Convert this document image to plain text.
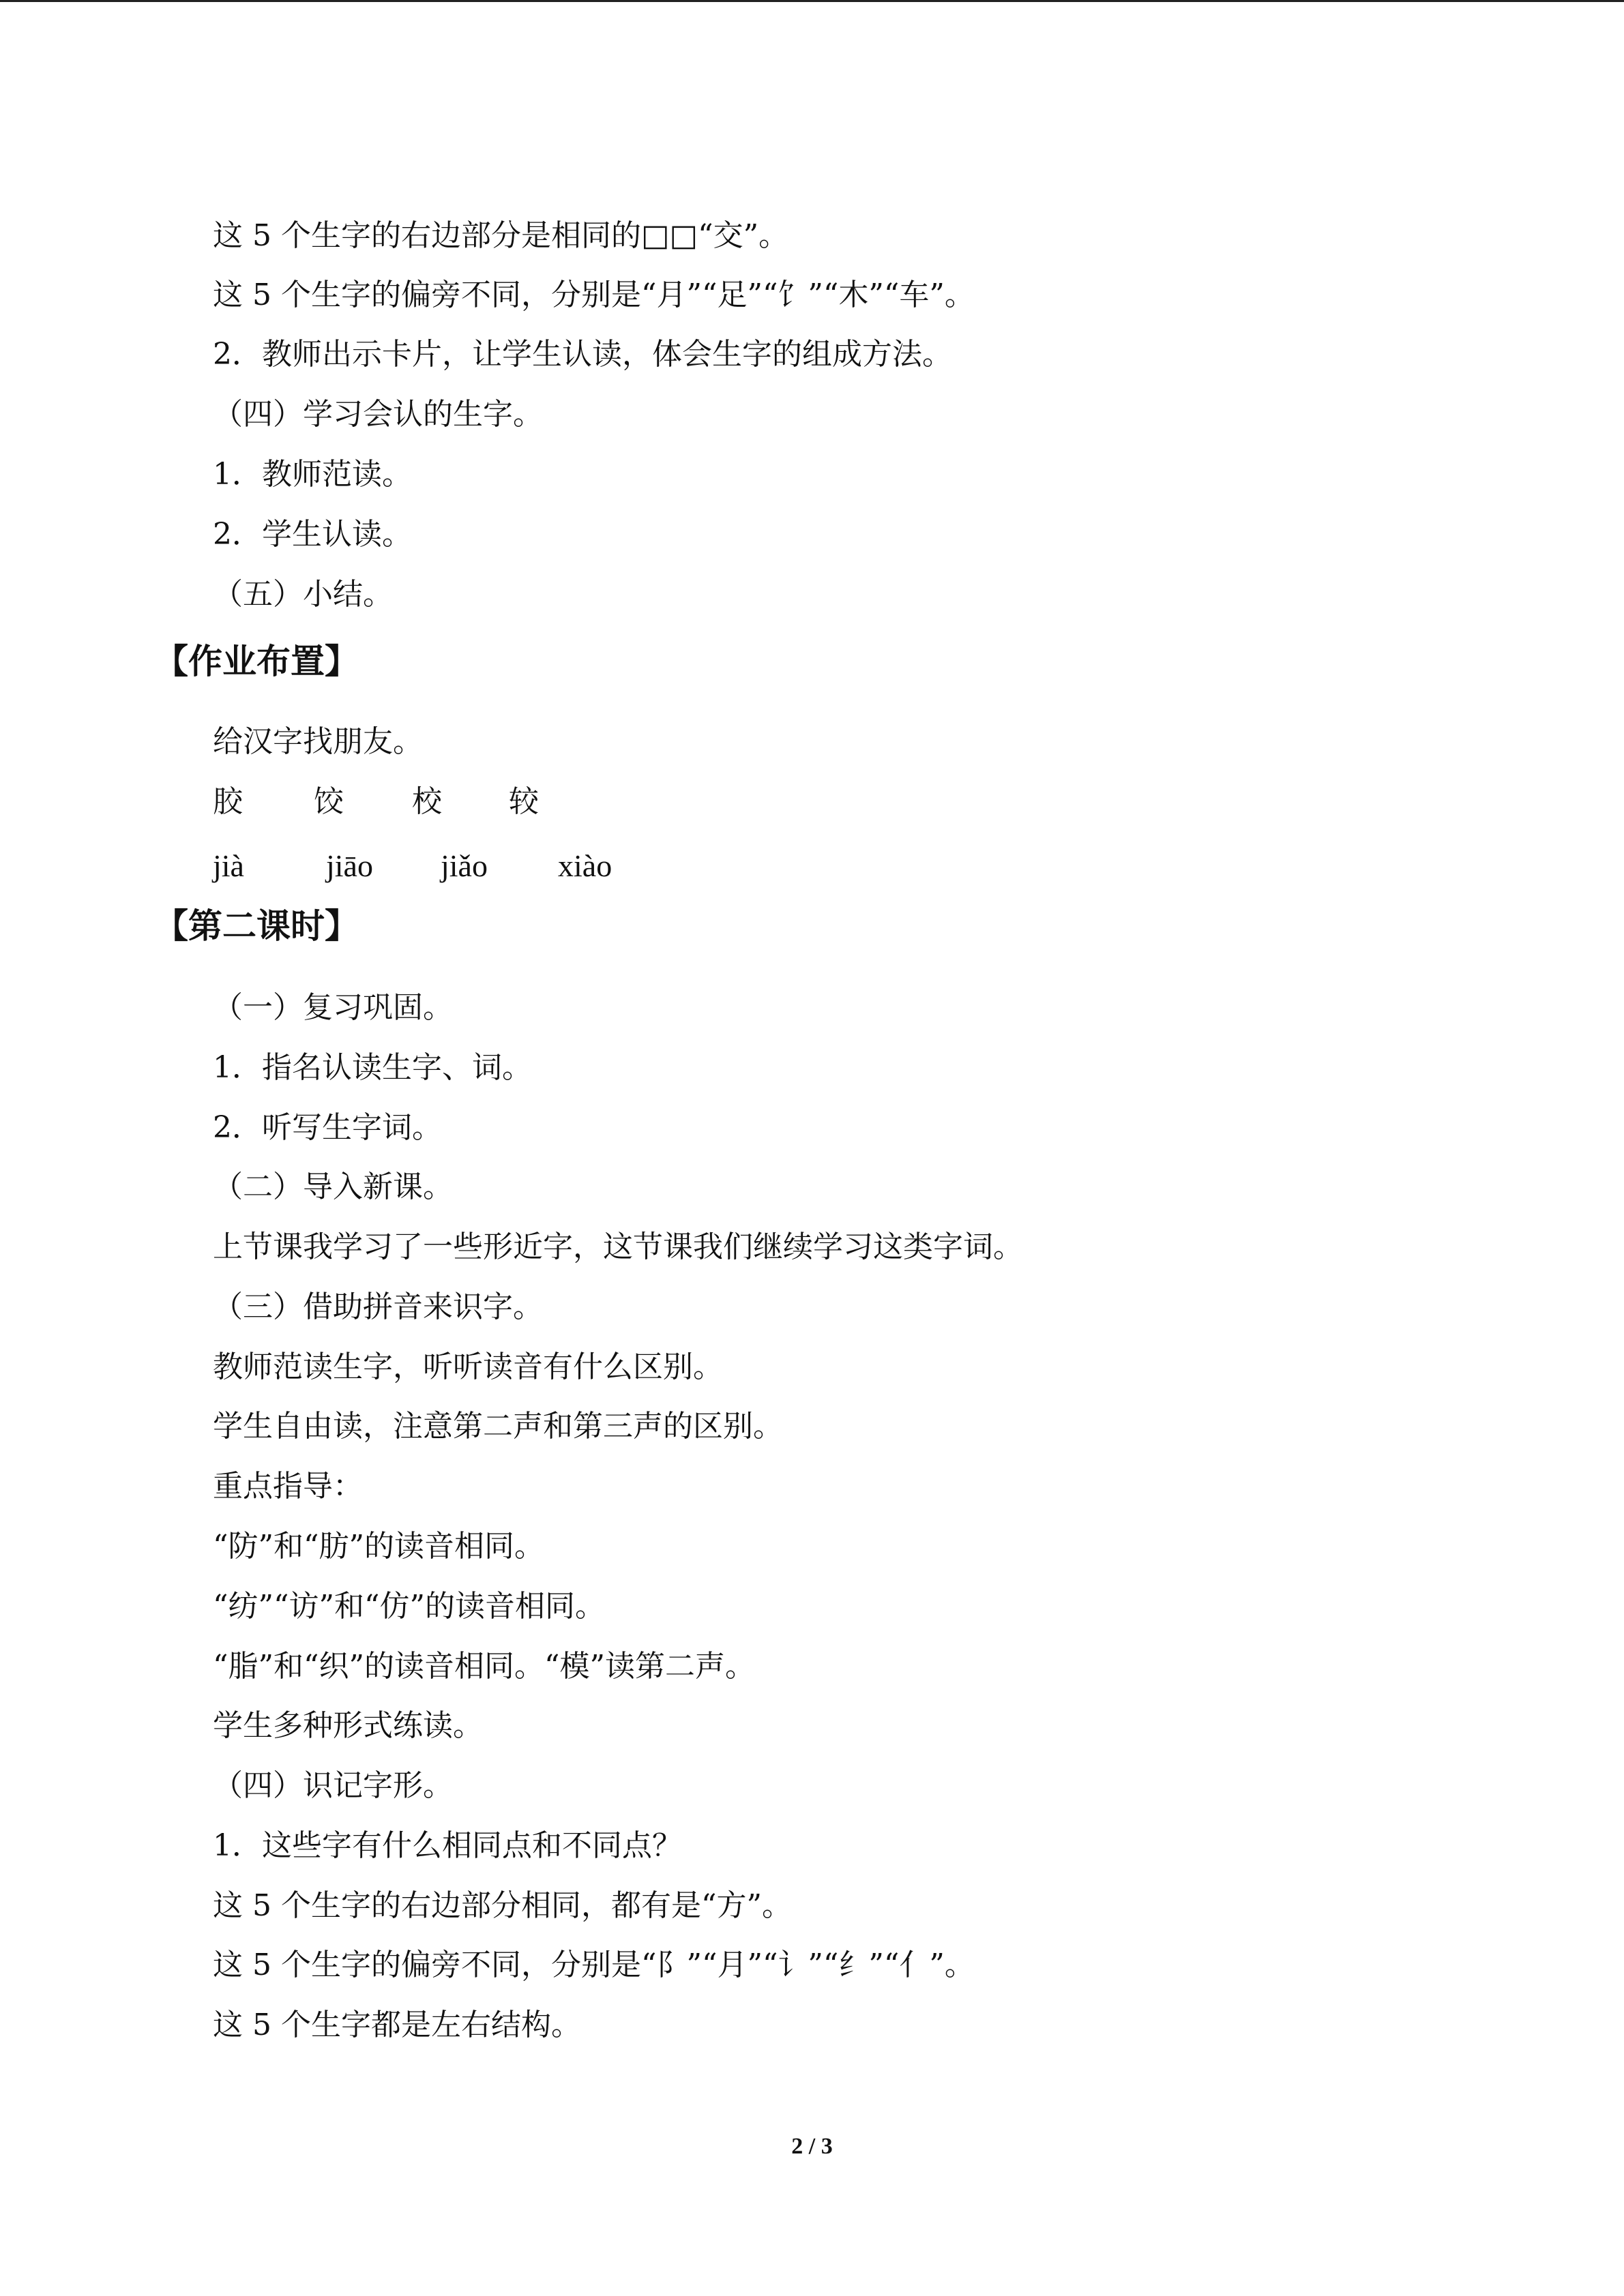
这 5 个生字的右边部分是相同的□□“交”。
这 5 个生字的偏旁不同，分别是“月”“足”“饣”“木”“车”。
2．教师出示卡片，让学生认读，体会生字的组成方法。
（四）学习会认的生字。
1．教师范读。
2．学生认读。
（五）小结。
【作业布置】
给汉字找朋友。
胶 饺 校 较
jià	jiāo jiǎo xiào
【第二课时】
（一）复习巩固。
1．指名认读生字、词。
2．听写生字词。
（二）导入新课。
上节课我学习了一些形近字，这节课我们继续学习这类字词。
（三）借助拼音来识字。
教师范读生字，听听读音有什么区别。
学生自由读，注意第二声和第三声的区别。
重点指导：
“防”和“肪”的读音相同。
“纺”“访”和“仿”的读音相同。
“脂”和“织”的读音相同。“模”读第二声。
学生多种形式练读。
（四）识记字形。
1．这些字有什么相同点和不同点？
这 5 个生字的右边部分相同，都有是“方”。
这 5 个生字的偏旁不同，分别是“阝”“月”“讠”“纟”“亻”。
这 5 个生字都是左右结构。
2 / 3
